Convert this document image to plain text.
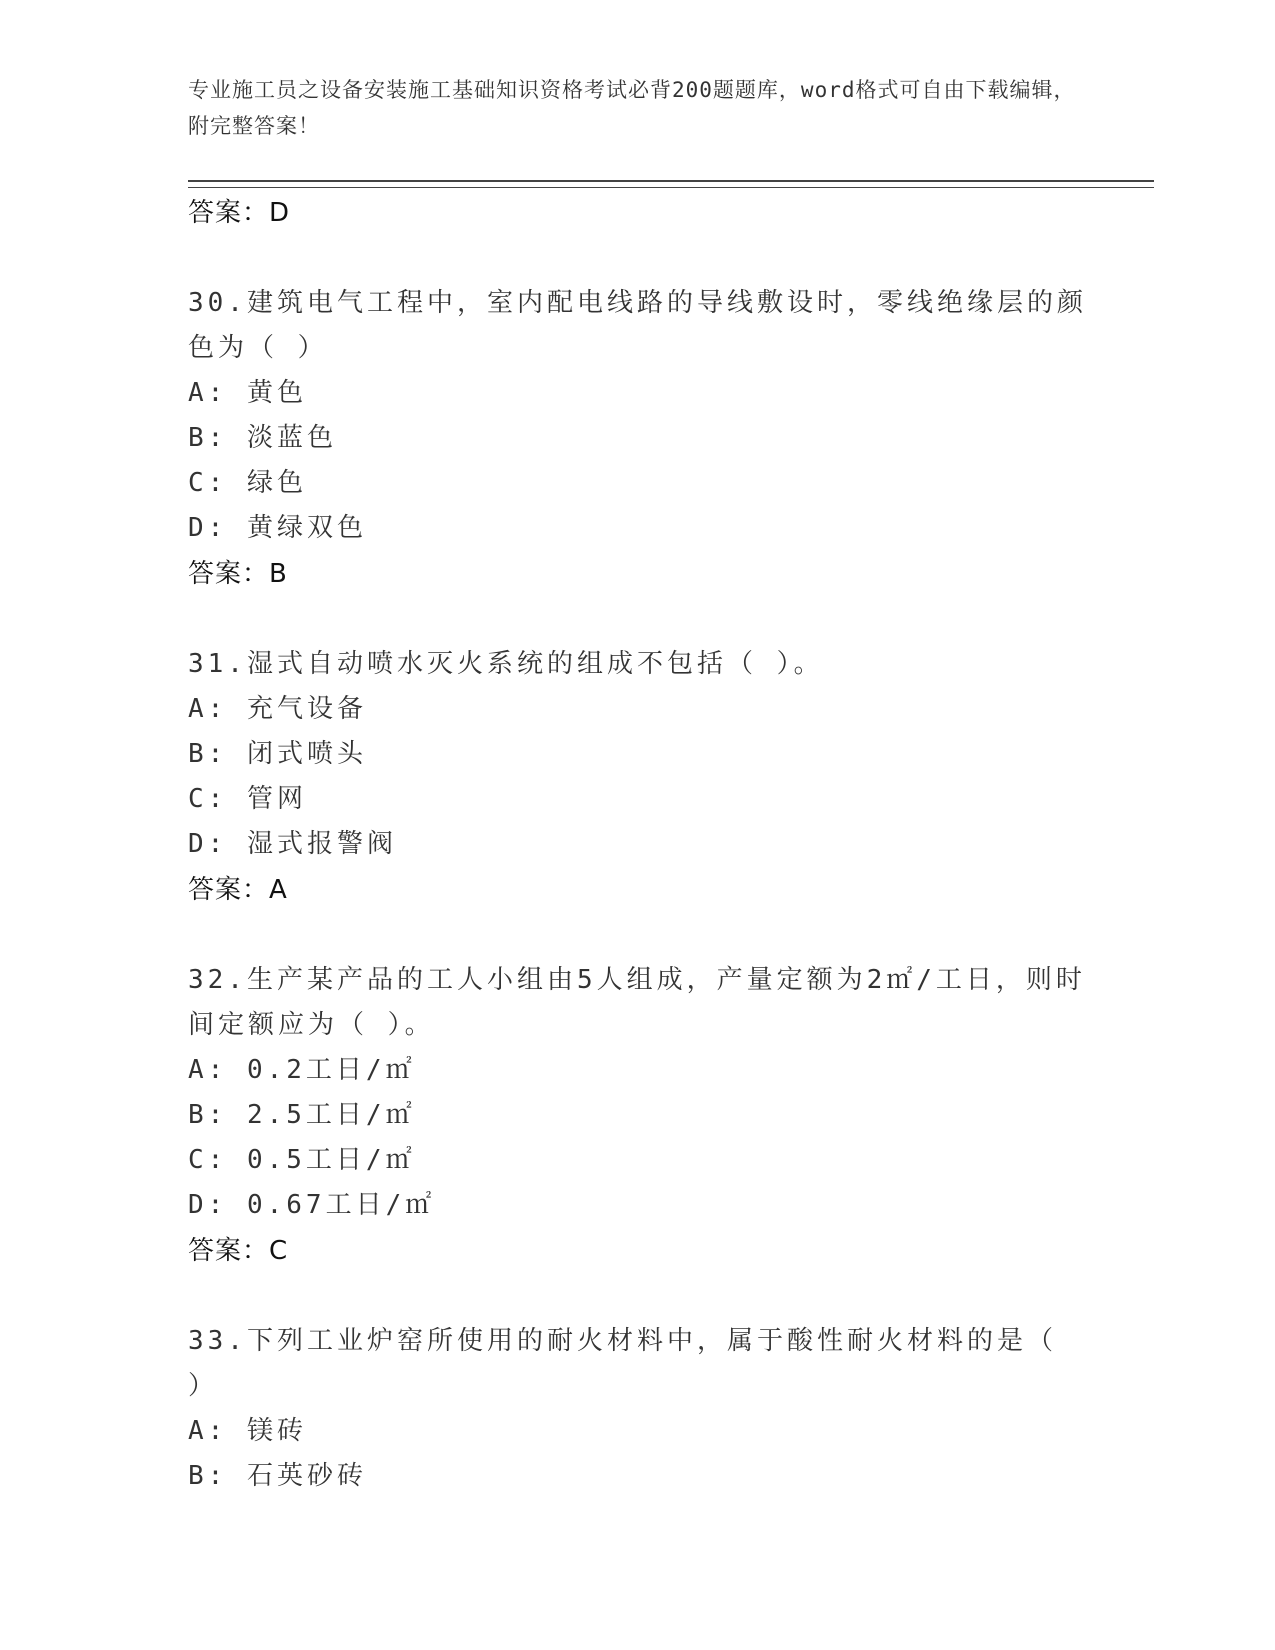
专业施工员之设备安装施工基础知识资格考试必背200题题库，word格式可自由下载编辑，附完整答案！
答案：D
30.建筑电气工程中，室内配电线路的导线敷设时，零线绝缘层的颜色为（ ）
A: 黄色
B: 淡蓝色
C: 绿色
D: 黄绿双色
答案：B
31.湿式自动喷水灭火系统的组成不包括（ ）。
A: 充气设备
B: 闭式喷头
C: 管网
D: 湿式报警阀
答案：A
32.生产某产品的工人小组由5人组成，产量定额为2㎡/工日，则时间定额应为（ ）。
A: 0.2工日/㎡
B: 2.5工日/㎡
C: 0.5工日/㎡
D: 0.67工日/㎡
答案：C
33.下列工业炉窑所使用的耐火材料中，属于酸性耐火材料的是（ ）
A: 镁砖
B: 石英砂砖
